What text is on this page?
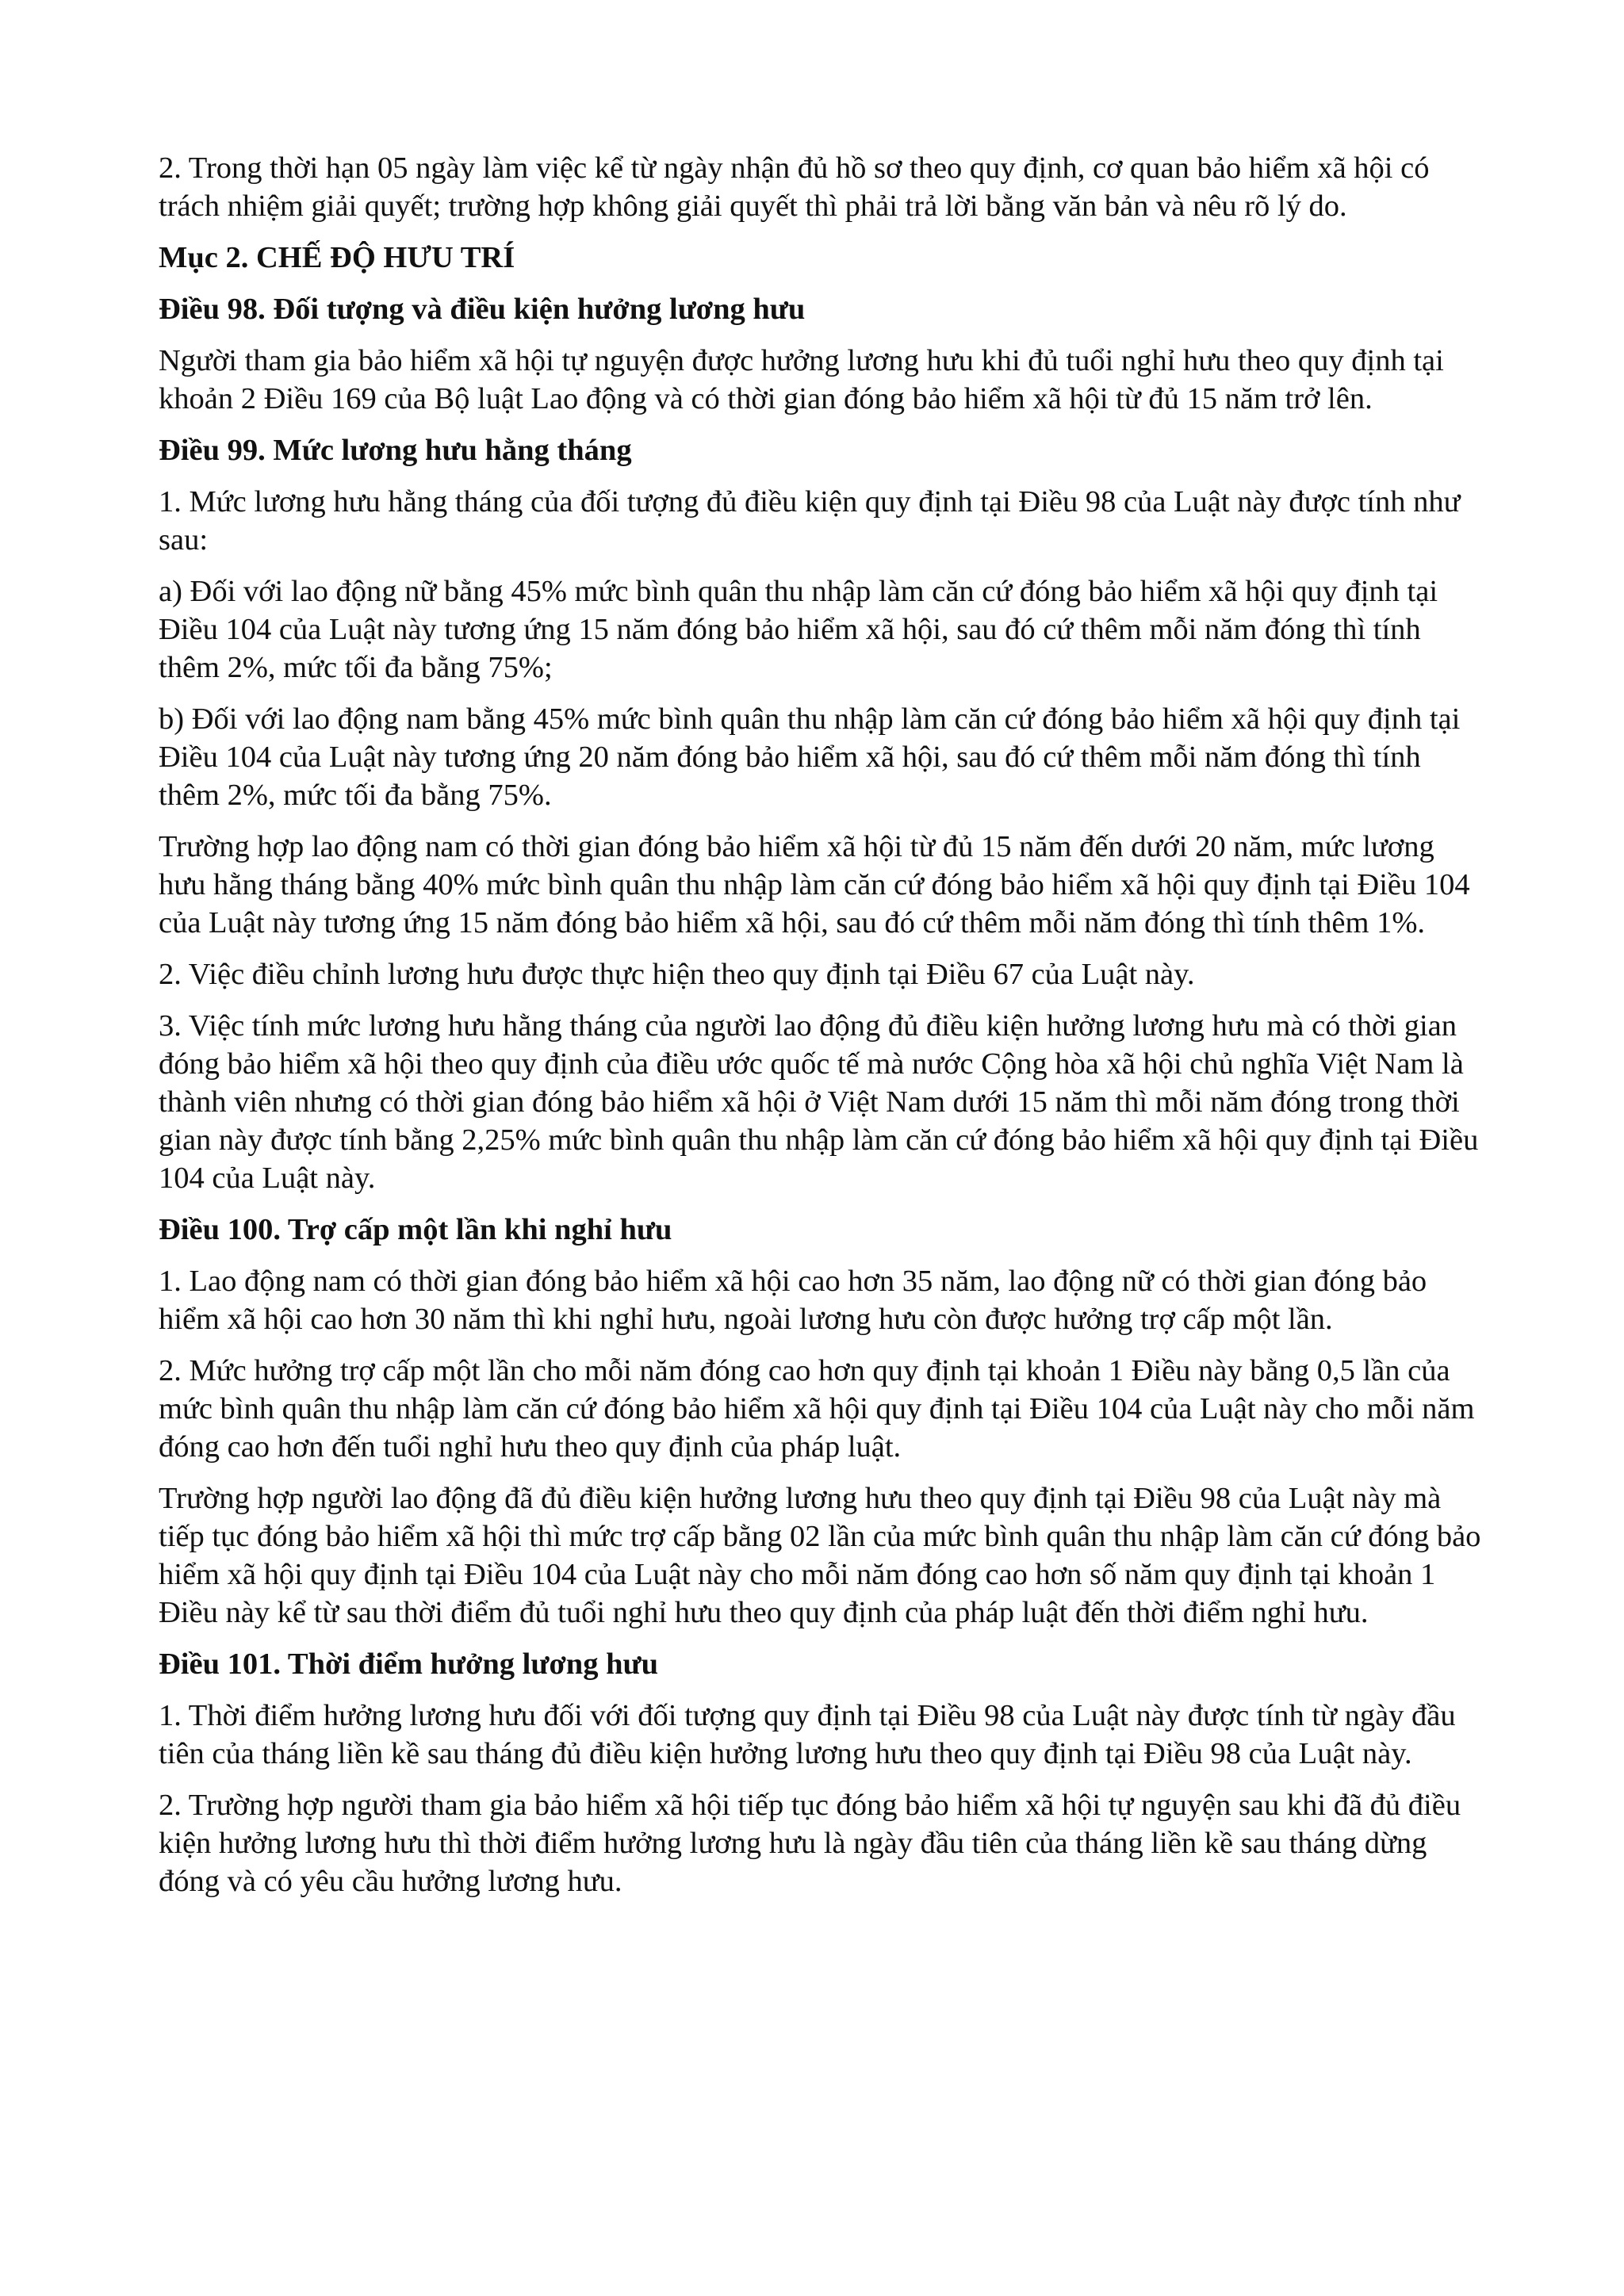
2. Trong thời hạn 05 ngày làm việc kể từ ngày nhận đủ hồ sơ theo quy định, cơ quan bảo hiểm xã hội có trách nhiệm giải quyết; trường hợp không giải quyết thì phải trả lời bằng văn bản và nêu rõ lý do.

Mục 2. CHẾ ĐỘ HƯU TRÍ

Điều 98. Đối tượng và điều kiện hưởng lương hưu

Người tham gia bảo hiểm xã hội tự nguyện được hưởng lương hưu khi đủ tuổi nghỉ hưu theo quy định tại khoản 2 Điều 169 của Bộ luật Lao động và có thời gian đóng bảo hiểm xã hội từ đủ 15 năm trở lên.

Điều 99. Mức lương hưu hằng tháng

1. Mức lương hưu hằng tháng của đối tượng đủ điều kiện quy định tại Điều 98 của Luật này được tính như sau:

a) Đối với lao động nữ bằng 45% mức bình quân thu nhập làm căn cứ đóng bảo hiểm xã hội quy định tại Điều 104 của Luật này tương ứng 15 năm đóng bảo hiểm xã hội, sau đó cứ thêm mỗi năm đóng thì tính thêm 2%, mức tối đa bằng 75%;

b) Đối với lao động nam bằng 45% mức bình quân thu nhập làm căn cứ đóng bảo hiểm xã hội quy định tại Điều 104 của Luật này tương ứng 20 năm đóng bảo hiểm xã hội, sau đó cứ thêm mỗi năm đóng thì tính thêm 2%, mức tối đa bằng 75%.

Trường hợp lao động nam có thời gian đóng bảo hiểm xã hội từ đủ 15 năm đến dưới 20 năm, mức lương hưu hằng tháng bằng 40% mức bình quân thu nhập làm căn cứ đóng bảo hiểm xã hội quy định tại Điều 104 của Luật này tương ứng 15 năm đóng bảo hiểm xã hội, sau đó cứ thêm mỗi năm đóng thì tính thêm 1%.

2. Việc điều chỉnh lương hưu được thực hiện theo quy định tại Điều 67 của Luật này.

3. Việc tính mức lương hưu hằng tháng của người lao động đủ điều kiện hưởng lương hưu mà có thời gian đóng bảo hiểm xã hội theo quy định của điều ước quốc tế mà nước Cộng hòa xã hội chủ nghĩa Việt Nam là thành viên nhưng có thời gian đóng bảo hiểm xã hội ở Việt Nam dưới 15 năm thì mỗi năm đóng trong thời gian này được tính bằng 2,25% mức bình quân thu nhập làm căn cứ đóng bảo hiểm xã hội quy định tại Điều 104 của Luật này.

Điều 100. Trợ cấp một lần khi nghỉ hưu

1. Lao động nam có thời gian đóng bảo hiểm xã hội cao hơn 35 năm, lao động nữ có thời gian đóng bảo hiểm xã hội cao hơn 30 năm thì khi nghỉ hưu, ngoài lương hưu còn được hưởng trợ cấp một lần.

2. Mức hưởng trợ cấp một lần cho mỗi năm đóng cao hơn quy định tại khoản 1 Điều này bằng 0,5 lần của mức bình quân thu nhập làm căn cứ đóng bảo hiểm xã hội quy định tại Điều 104 của Luật này cho mỗi năm đóng cao hơn đến tuổi nghỉ hưu theo quy định của pháp luật.

Trường hợp người lao động đã đủ điều kiện hưởng lương hưu theo quy định tại Điều 98 của Luật này mà tiếp tục đóng bảo hiểm xã hội thì mức trợ cấp bằng 02 lần của mức bình quân thu nhập làm căn cứ đóng bảo hiểm xã hội quy định tại Điều 104 của Luật này cho mỗi năm đóng cao hơn số năm quy định tại khoản 1 Điều này kể từ sau thời điểm đủ tuổi nghỉ hưu theo quy định của pháp luật đến thời điểm nghỉ hưu.

Điều 101. Thời điểm hưởng lương hưu

1. Thời điểm hưởng lương hưu đối với đối tượng quy định tại Điều 98 của Luật này được tính từ ngày đầu tiên của tháng liền kề sau tháng đủ điều kiện hưởng lương hưu theo quy định tại Điều 98 của Luật này.

2. Trường hợp người tham gia bảo hiểm xã hội tiếp tục đóng bảo hiểm xã hội tự nguyện sau khi đã đủ điều kiện hưởng lương hưu thì thời điểm hưởng lương hưu là ngày đầu tiên của tháng liền kề sau tháng dừng đóng và có yêu cầu hưởng lương hưu.
